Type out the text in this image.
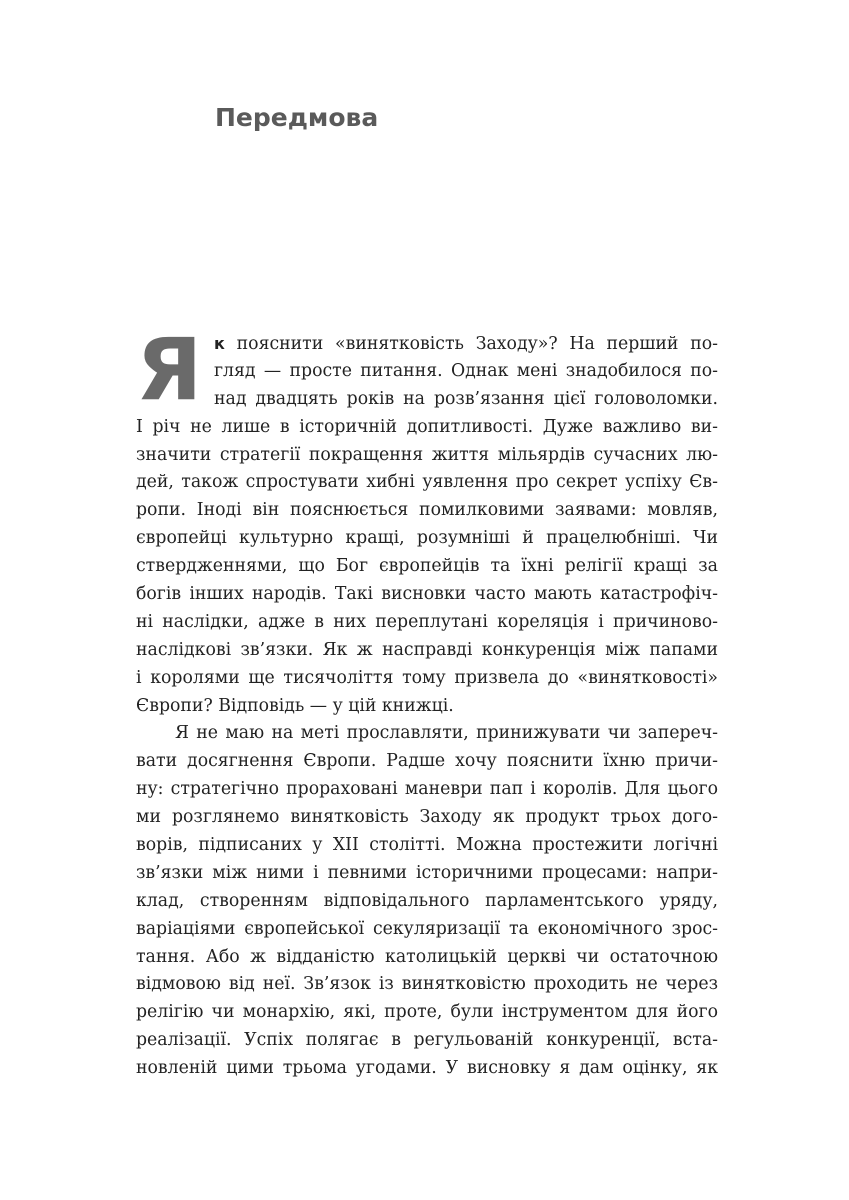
Передмова
Я к пояснити «винятковість Заходу»? На перший по-
гляд — просте питання. Однак мені знадобилося по-
над двадцять років на розв’язання цієї головоломки.
І річ не лише в історичній допитливості. Дуже важливо ви-
значити стратегії покращення життя мільярдів сучасних лю-
дей, також спростувати хибні уявлення про секрет успіху Єв-
ропи. Іноді він пояснюється помилковими заявами: мовляв,
європейці культурно кращі, розумніші й працелюбніші. Чи
ствердженнями, що Бог європейців та їхні релігії кращі за
богів інших народів. Такі висновки часто мають катастрофіч-
ні наслідки, адже в них переплутані кореляція і причиново-
наслідкові зв’язки. Як ж насправді конкуренція між папами
і королями ще тисячоліття тому призвела до «винятковості»
Європи? Відповідь — у цій книжці.
Я не маю на меті прославляти, принижувати чи запереч-
вати досягнення Європи. Радше хочу пояснити їхню причи-
ну: стратегічно прораховані маневри пап і королів. Для цього
ми розглянемо винятковість Заходу як продукт трьох дого-
ворів, підписаних у XII столітті. Можна простежити логічні
зв’язки між ними і певними історичними процесами: напри-
клад, створенням відповідального парламентського уряду,
варіаціями європейської секуляризації та економічного зрос-
тання. Або ж відданістю католицькій церкві чи остаточною
відмовою від неї. Зв’язок із винятковістю проходить не через
релігію чи монархію, які, проте, були інструментом для його
реалізації. Успіх полягає в регульованій конкуренції, вста-
новленій цими трьома угодами. У висновку я дам оцінку, як
